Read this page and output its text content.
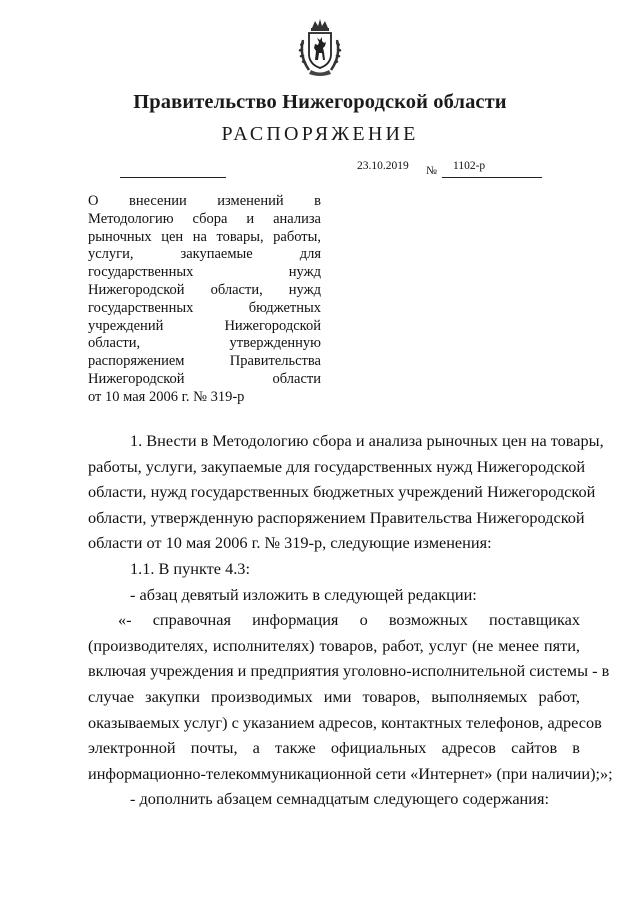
Правительство Нижегородской области
РАСПОРЯЖЕНИЕ
23.10.2019 № 1102-р
О внесении изменений в
Методологию сбора и анализа
рыночных цен на товары, работы,
услуги, закупаемые для
государственных нужд
Нижегородской области, нужд
государственных бюджетных
учреждений Нижегородской
области, утвержденную
распоряжением Правительства
Нижегородской области
от 10 мая 2006 г. № 319-р
1. Внести в Методологию сбора и анализа рыночных цен на товары,
работы, услуги, закупаемые для государственных нужд Нижегородской
области, нужд государственных бюджетных учреждений Нижегородской
области, утвержденную распоряжением Правительства Нижегородской
области от 10 мая 2006 г. № 319-р, следующие изменения:
1.1. В пункте 4.3:
- абзац девятый изложить в следующей редакции:
«- справочная информация о возможных поставщиках
(производителях, исполнителях) товаров, работ, услуг (не менее пяти,
включая учреждения и предприятия уголовно-исполнительной системы - в
случае закупки производимых ими товаров, выполняемых работ,
оказываемых услуг) с указанием адресов, контактных телефонов, адресов
электронной почты, а также официальных адресов сайтов в
информационно-телекоммуникационной сети «Интернет» (при наличии);»;
- дополнить абзацем семнадцатым следующего содержания:
